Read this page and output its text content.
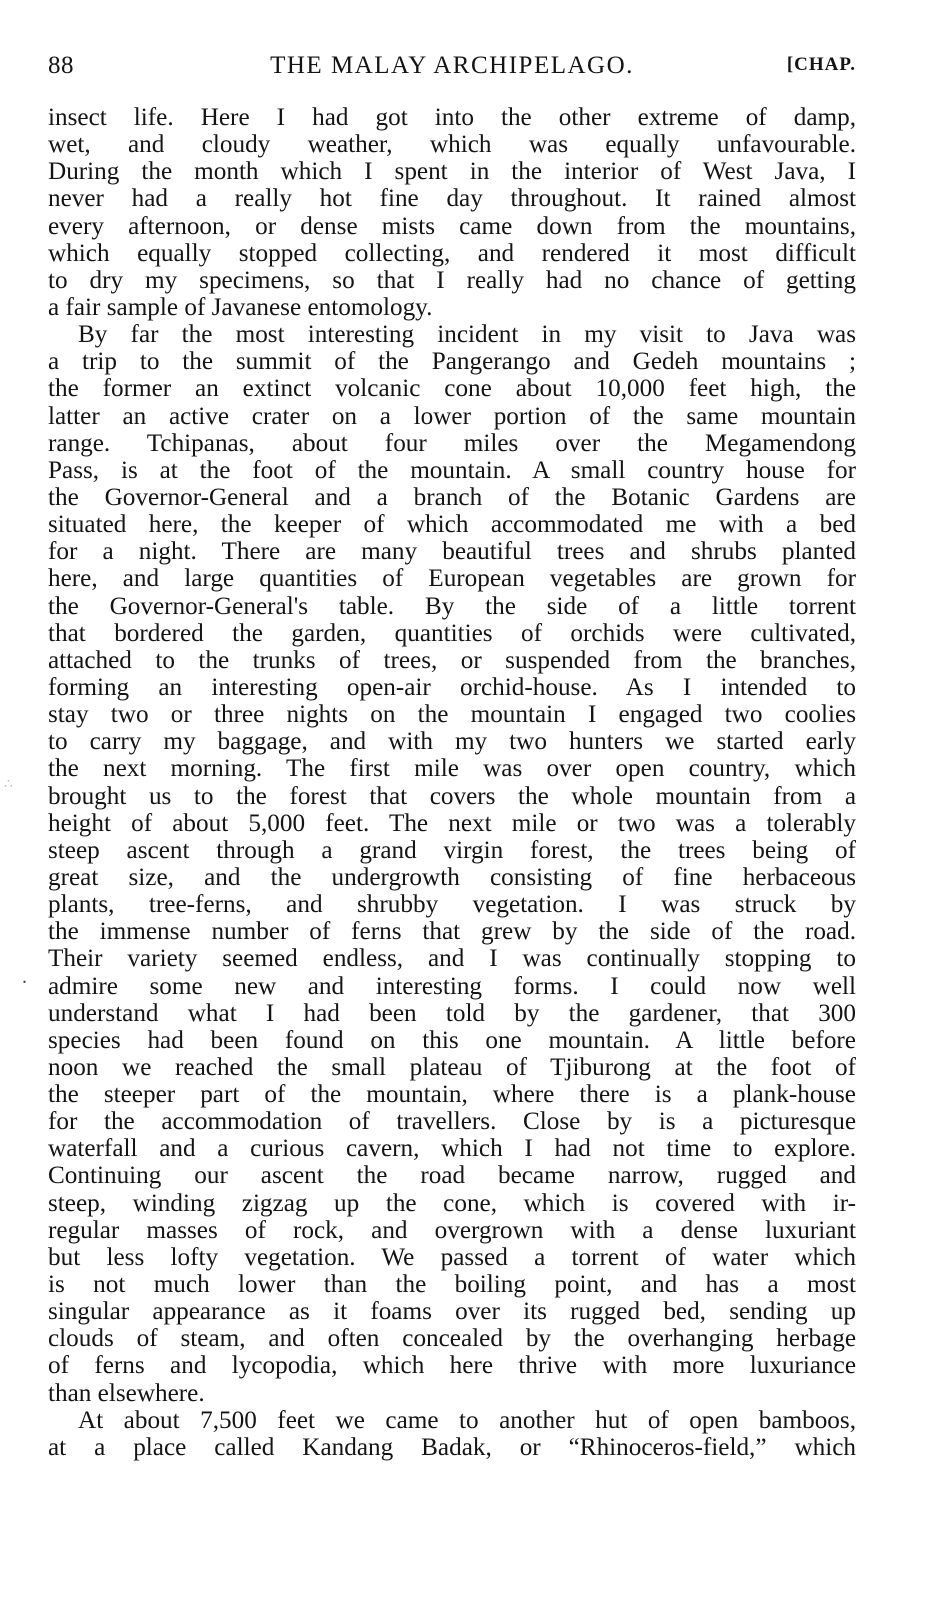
88	THE MALAY ARCHIPELAGO.	[CHAP.
∴
.
insect life. Here I had got into the other extreme of damp,
wet, and cloudy weather, which was equally unfavourable.
During the month which I spent in the interior of West Java, I
never had a really hot fine day throughout. It rained almost
every afternoon, or dense mists came down from the mountains,
which equally stopped collecting, and rendered it most difficult
to dry my specimens, so that I really had no chance of getting
a fair sample of Javanese entomology.
By far the most interesting incident in my visit to Java was
a trip to the summit of the Pangerango and Gedeh mountains ;
the former an extinct volcanic cone about 10,000 feet high, the
latter an active crater on a lower portion of the same mountain
range. Tchipanas, about four miles over the Megamendong
Pass, is at the foot of the mountain. A small country house for
the Governor-General and a branch of the Botanic Gardens are
situated here, the keeper of which accommodated me with a bed
for a night. There are many beautiful trees and shrubs planted
here, and large quantities of European vegetables are grown for
the Governor-General's table. By the side of a little torrent
that bordered the garden, quantities of orchids were cultivated,
attached to the trunks of trees, or suspended from the branches,
forming an interesting open-air orchid-house. As I intended to
stay two or three nights on the mountain I engaged two coolies
to carry my baggage, and with my two hunters we started early
the next morning. The first mile was over open country, which
brought us to the forest that covers the whole mountain from a
height of about 5,000 feet. The next mile or two was a tolerably
steep ascent through a grand virgin forest, the trees being of
great size, and the undergrowth consisting of fine herbaceous
plants, tree-ferns, and shrubby vegetation. I was struck by
the immense number of ferns that grew by the side of the road.
Their variety seemed endless, and I was continually stopping to
admire some new and interesting forms. I could now well
understand what I had been told by the gardener, that 300
species had been found on this one mountain. A little before
noon we reached the small plateau of Tjiburong at the foot of
the steeper part of the mountain, where there is a plank-house
for the accommodation of travellers. Close by is a picturesque
waterfall and a curious cavern, which I had not time to explore.
Continuing our ascent the road became narrow, rugged and
steep, winding zigzag up the cone, which is covered with ir-
regular masses of rock, and overgrown with a dense luxuriant
but less lofty vegetation. We passed a torrent of water which
is not much lower than the boiling point, and has a most
singular appearance as it foams over its rugged bed, sending up
clouds of steam, and often concealed by the overhanging herbage
of ferns and lycopodia, which here thrive with more luxuriance
than elsewhere.
At about 7,500 feet we came to another hut of open bamboos,
at a place called Kandang Badak, or “Rhinoceros-field,” which
